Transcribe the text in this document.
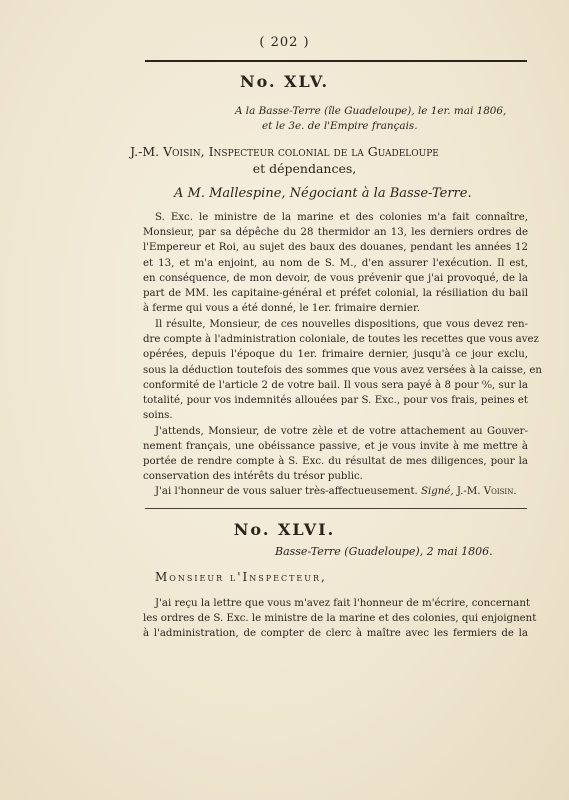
( 202 )
No. XLV.
A la Basse-Terre (île Guadeloupe), le 1er. mai 1806,
et le 3e. de l'Empire français.
J.-M. Voisin, Inspecteur colonial de la Guadeloupe
et dépendances,
A M. Mallespine, Négociant à la Basse-Terre.
S. Exc. le ministre de la marine et des colonies m'a fait connaître,
Monsieur, par sa dépêche du 28 thermidor an 13, les derniers ordres de
l'Empereur et Roi, au sujet des baux des douanes, pendant les années 12
et 13, et m'a enjoint, au nom de S. M., d'en assurer l'exécution. Il est,
en conséquence, de mon devoir, de vous prévenir que j'ai provoqué, de la
part de MM. les capitaine-général et préfet colonial, la résiliation du bail
à ferme qui vous a été donné, le 1er. frimaire dernier.
Il résulte, Monsieur, de ces nouvelles dispositions, que vous devez ren-
dre compte à l'administration coloniale, de toutes les recettes que vous avez
opérées, depuis l'époque du 1er. frimaire dernier, jusqu'à ce jour exclu,
sous la déduction toutefois des sommes que vous avez versées à la caisse, en
conformité de l'article 2 de votre bail. Il vous sera payé à 8 pour ⁰⁄₀, sur la
totalité, pour vos indemnités allouées par S. Exc., pour vos frais, peines et
soins.
J'attends, Monsieur, de votre zèle et de votre attachement au Gouver-
nement français, une obéissance passive, et je vous invite à me mettre à
portée de rendre compte à S. Exc. du résultat de mes diligences, pour la
conservation des intérêts du trésor public.
J'ai l'honneur de vous saluer très-affectueusement. Signé, J.-M. Voisin.
No. XLVI.
Basse-Terre (Guadeloupe), 2 mai 1806.
Monsieur l'Inspecteur,
J'ai reçu la lettre que vous m'avez fait l'honneur de m'écrire, concernant
les ordres de S. Exc. le ministre de la marine et des colonies, qui enjoignent
à l'administration, de compter de clerc à maître avec les fermiers de la
